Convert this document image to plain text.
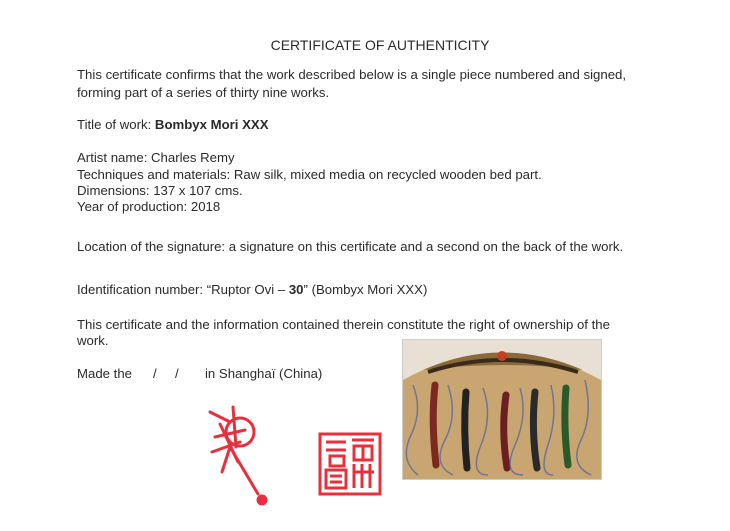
CERTIFICATE OF AUTHENTICITY
This certificate confirms that the work described below is a single piece numbered and signed,
forming part of a series of thirty nine works.
Title of work: Bombyx Mori XXX
Artist name: Charles Remy
Techniques and materials: Raw silk, mixed media on recycled wooden bed part.
Dimensions: 137 x 107 cms.
Year of production: 2018
Location of the signature: a signature on this certificate and a second on the back of the work.
Identification number: “Ruptor Ovi – 30” (Bombyx Mori XXX)
This certificate and the information contained therein constitute the right of ownership of the
work.
Made the /     / in Shanghaï (China)
